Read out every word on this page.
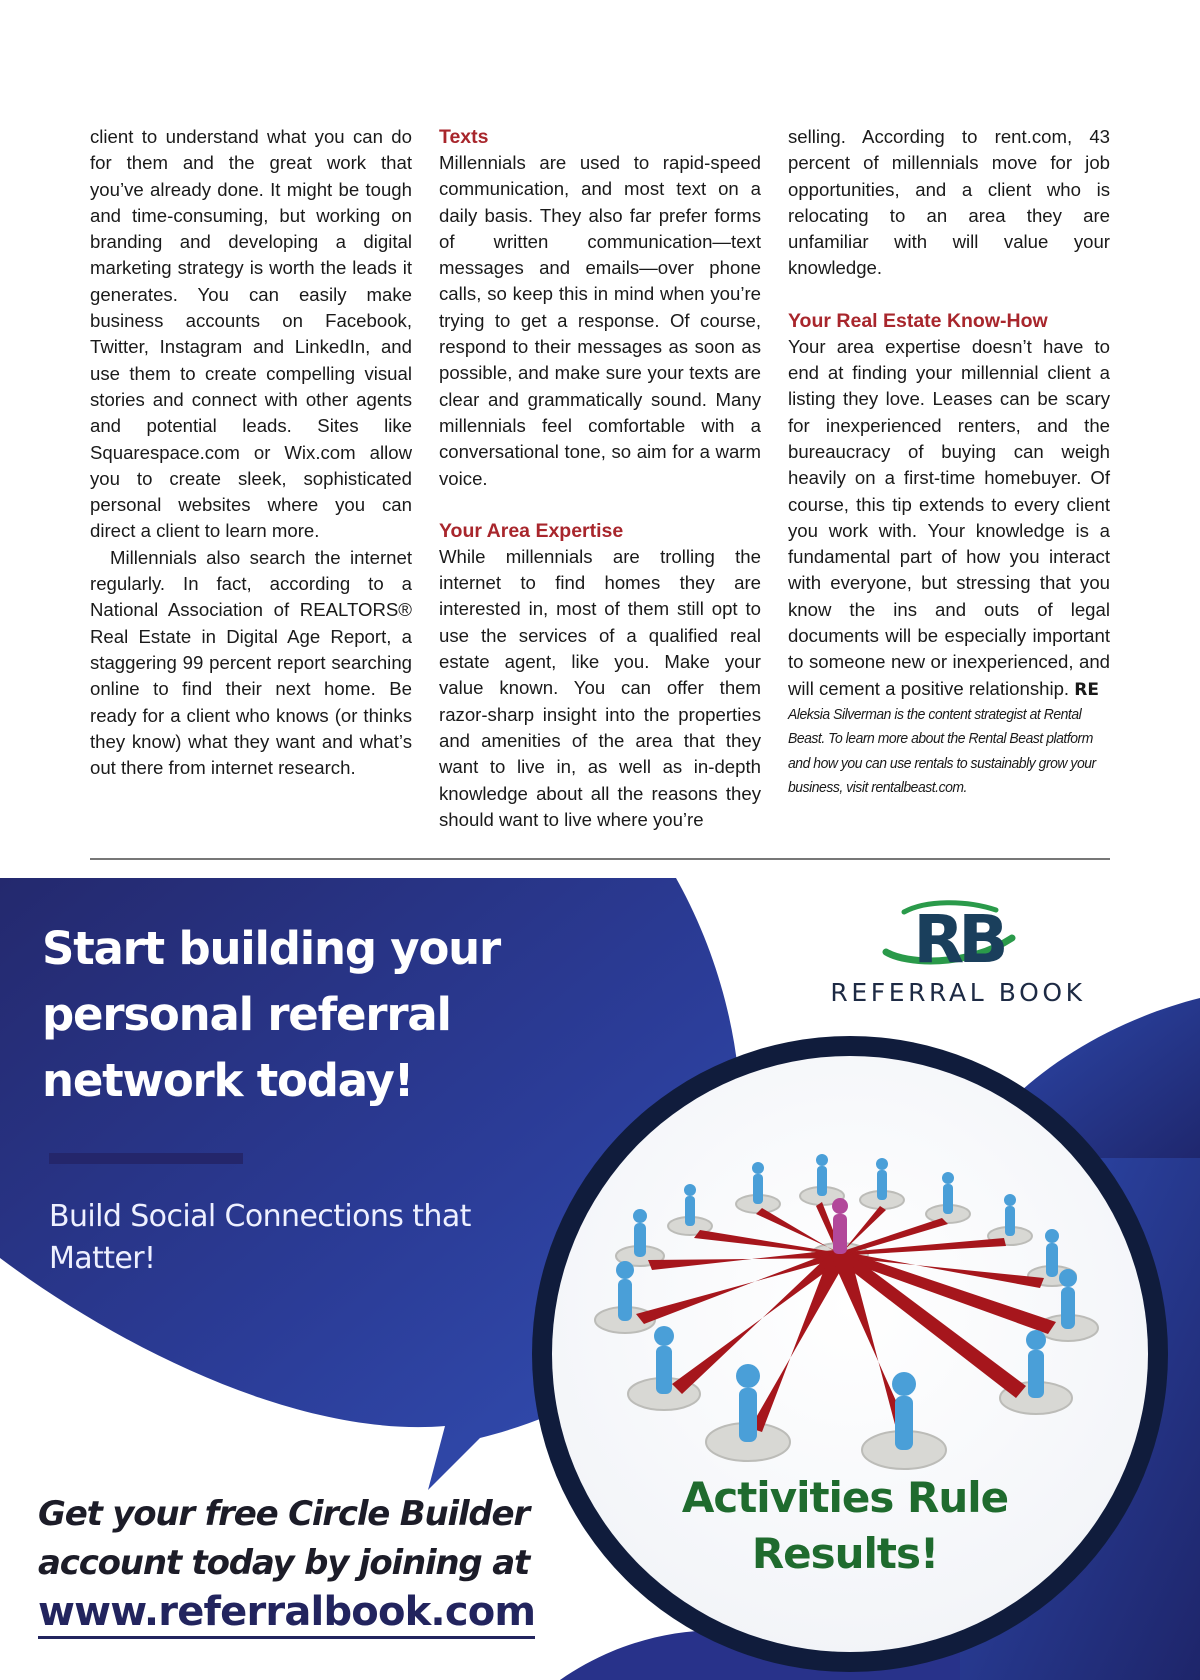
client to understand what you can do for them and the great work that you’ve already done. It might be tough and time-consuming, but working on branding and developing a digital marketing strategy is worth the leads it generates. You can easily make business accounts on Facebook, Twitter, Instagram and LinkedIn, and use them to create compelling visual stories and connect with other agents and potential leads. Sites like Squarespace.com or Wix.com allow you to create sleek, sophisticated personal websites where you can direct a client to learn more.

Millennials also search the internet regularly. In fact, according to a National Association of REALTORS® Real Estate in Digital Age Report, a staggering 99 percent report searching online to find their next home. Be ready for a client who knows (or thinks they know) what they want and what’s out there from internet research.

Texts

Millennials are used to rapid-speed communication, and most text on a daily basis. They also far prefer forms of written communication—text messages and emails—over phone calls, so keep this in mind when you’re trying to get a response. Of course, respond to their messages as soon as possible, and make sure your texts are clear and grammatically sound. Many millennials feel comfortable with a conversational tone, so aim for a warm voice.

Your Area Expertise

While millennials are trolling the internet to find homes they are interested in, most of them still opt to use the services of a qualified real estate agent, like you. Make your value known. You can offer them razor-sharp insight into the properties and amenities of the area that they want to live in, as well as in-depth knowledge about all the reasons they should want to live where you’re

selling. According to rent.com, 43 percent of millennials move for job opportunities, and a client who is relocating to an area they are unfamiliar with will value your knowledge.

Your Real Estate Know-How

Your area expertise doesn’t have to end at finding your millennial client a listing they love. Leases can be scary for inexperienced renters, and the bureaucracy of buying can weigh heavily on a first-time homebuyer. Of course, this tip extends to every client you work with. Your knowledge is a fundamental part of how you interact with everyone, but stressing that you know the ins and outs of legal documents will be especially important to someone new or inexperienced, and will cement a positive relationship. RE

Aleksia Silverman is the content strategist at Rental Beast. To learn more about the Rental Beast platform and how you can use rentals to sustainably grow your business, visit rentalbeast.com.

Start building your personal referral network today!
Build Social Connections that Matter!
RB
REFERRAL BOOK
Activities Rule Results!
Get your free Circle Builder account today by joining at
www.referralbook.com
